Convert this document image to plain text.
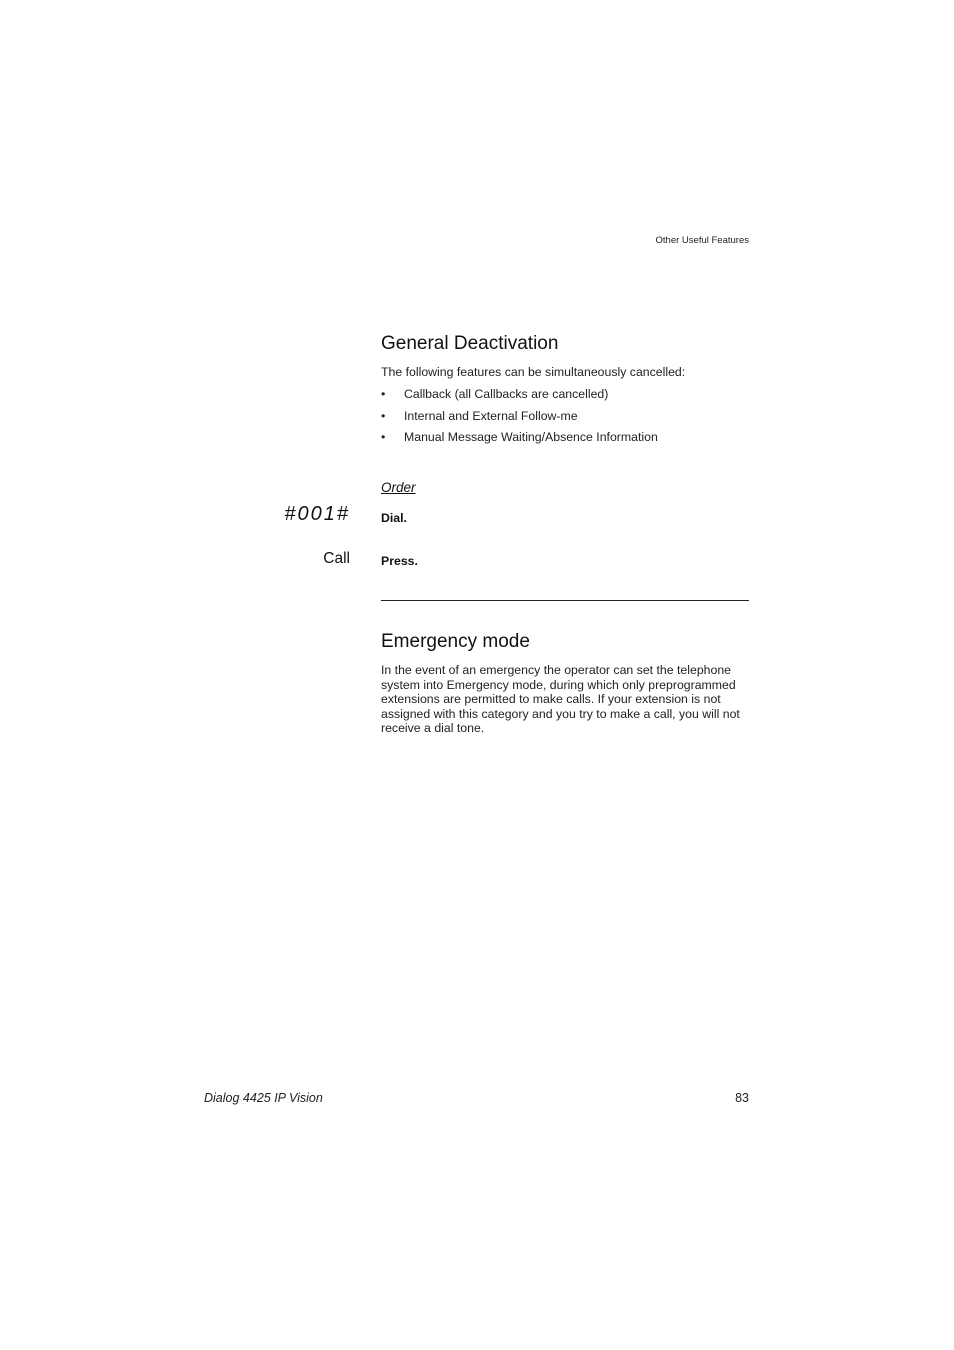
Other Useful Features
General Deactivation
The following features can be simultaneously cancelled:
• Callback (all Callbacks are cancelled)
• Internal and External Follow-me
• Manual Message Waiting/Absence Information
Order
#001#	Dial.
Call	Press.
Emergency mode
In the event of an emergency the operator can set the telephone system into Emergency mode, during which only preprogrammed extensions are permitted to make calls. If your extension is not assigned with this category and you try to make a call, you will not receive a dial tone.
Dialog 4425 IP Vision	83
